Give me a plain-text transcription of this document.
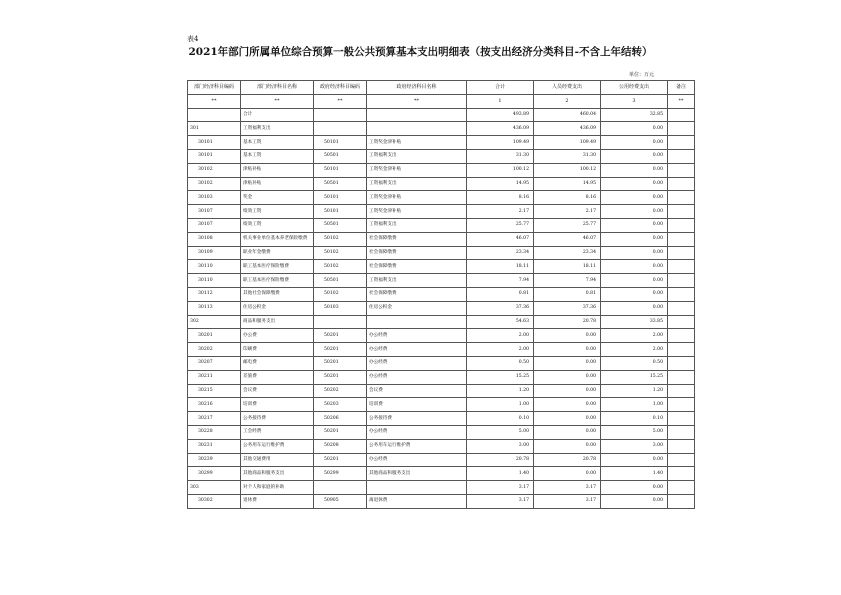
表4
2021年部门所属单位综合预算一般公共预算基本支出明细表（按支出经济分类科目-不含上年结转）
单位：万元
部门经济科目编码	部门经济科目名称	政府经济科目编码	政府经济科目名称	合计	人员经费支出	公用经费支出	备注
**	**	**	**	1	2	3	**
	合计			493.89	460.04	32.85	
301	工资福利支出			436.09	436.09	0.00	
30101	基本工资	50101	工资奖金津补贴	109.49	109.49	0.00	
30101	基本工资	50501	工资福利支出	31.30	31.30	0.00	
30102	津贴补贴	50101	工资奖金津补贴	100.12	100.12	0.00	
30102	津贴补贴	50501	工资福利支出	14.95	14.95	0.00	
30103	奖金	50101	工资奖金津补贴	8.16	8.16	0.00	
30107	绩效工资	50101	工资奖金津补贴	2.17	2.17	0.00	
30107	绩效工资	50501	工资福利支出	25.77	25.77	0.00	
30108	机关事业单位基本养老保险缴费	50102	社会保障缴费	46.07	46.07	0.00	
30109	职业年金缴费	50102	社会保障缴费	23.34	23.34	0.00	
30110	职工基本医疗保险缴费	50102	社会保障缴费	18.11	18.11	0.00	
30110	职工基本医疗保险缴费	50501	工资福利支出	7.94	7.94	0.00	
30112	其他社会保障缴费	50102	社会保障缴费	0.81	0.81	0.00	
30113	住房公积金	50103	住房公积金	37.36	37.36	0.00	
302	商品和服务支出			54.63	20.78	33.85	
30201	办公费	50201	办公经费	2.00	0.00	2.00	
30202	印刷费	50201	办公经费	2.00	0.00	2.00	
30207	邮电费	50201	办公经费	0.50	0.00	0.50	
30211	差旅费	50201	办公经费	15.25	0.00	15.25	
30215	会议费	50202	会议费	1.20	0.00	1.20	
30216	培训费	50203	培训费	1.00	0.00	1.00	
30217	公务接待费	50206	公务接待费	0.10	0.00	0.10	
30228	工会经费	50201	办公经费	5.00	0.00	5.00	
30231	公务用车运行维护费	50208	公务用车运行维护费	3.00	0.00	3.00	
30239	其他交通费用	50201	办公经费	20.78	20.78	0.00	
30299	其他商品和服务支出	50299	其他商品和服务支出	1.40	0.00	1.40	
303	对个人和家庭的补助			3.17	3.17	0.00	
30302	退休费	50905	离退休费	3.17	3.17	0.00	
